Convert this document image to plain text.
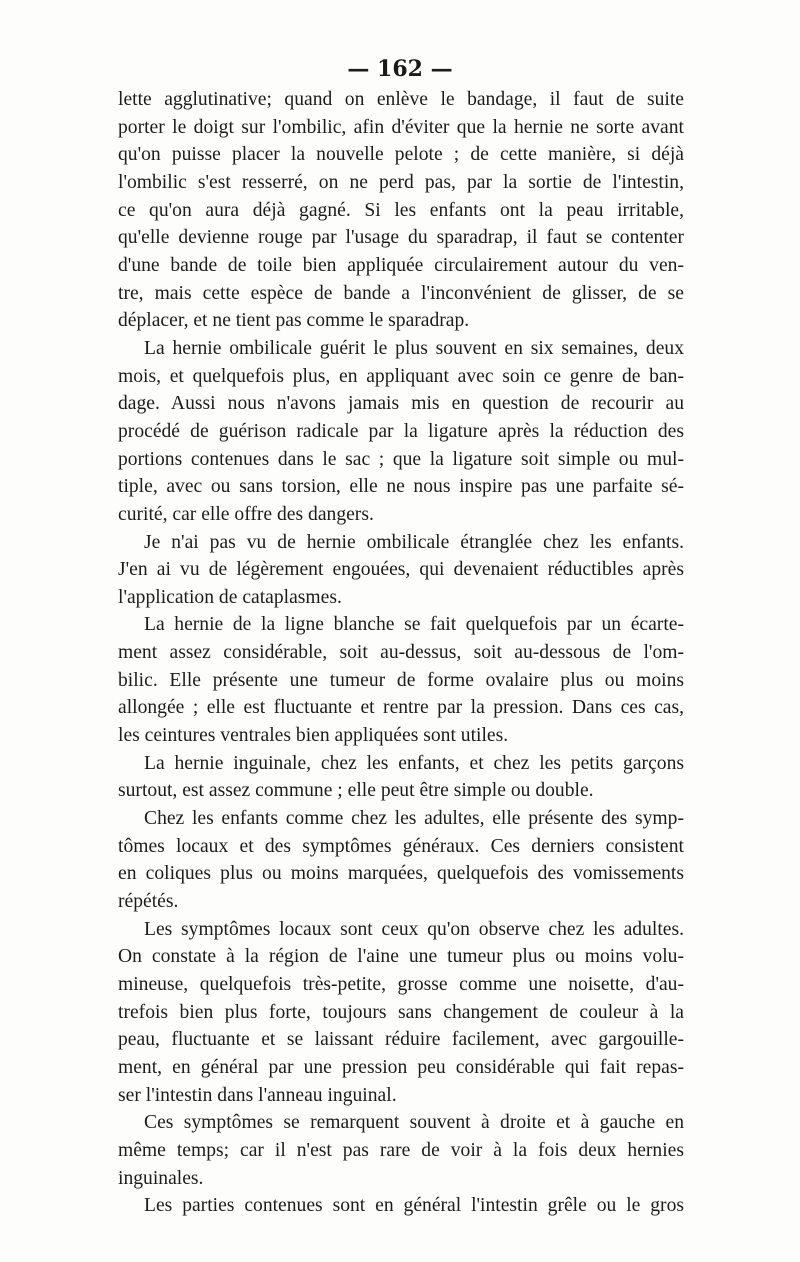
— 162 —
lette agglutinative; quand on enlève le bandage, il faut de suite
porter le doigt sur l'ombilic, afin d'éviter que la hernie ne sorte avant
qu'on puisse placer la nouvelle pelote ; de cette manière, si déjà
l'ombilic s'est resserré, on ne perd pas, par la sortie de l'intestin,
ce qu'on aura déjà gagné. Si les enfants ont la peau irritable,
qu'elle devienne rouge par l'usage du sparadrap, il faut se contenter
d'une bande de toile bien appliquée circulairement autour du ven-
tre, mais cette espèce de bande a l'inconvénient de glisser, de se
déplacer, et ne tient pas comme le sparadrap.
La hernie ombilicale guérit le plus souvent en six semaines, deux
mois, et quelquefois plus, en appliquant avec soin ce genre de ban-
dage. Aussi nous n'avons jamais mis en question de recourir au
procédé de guérison radicale par la ligature après la réduction des
portions contenues dans le sac ; que la ligature soit simple ou mul-
tiple, avec ou sans torsion, elle ne nous inspire pas une parfaite sé-
curité, car elle offre des dangers.
Je n'ai pas vu de hernie ombilicale étranglée chez les enfants.
J'en ai vu de légèrement engouées, qui devenaient réductibles après
l'application de cataplasmes.
La hernie de la ligne blanche se fait quelquefois par un écarte-
ment assez considérable, soit au-dessus, soit au-dessous de l'om-
bilic. Elle présente une tumeur de forme ovalaire plus ou moins
allongée ; elle est fluctuante et rentre par la pression. Dans ces cas,
les ceintures ventrales bien appliquées sont utiles.
La hernie inguinale, chez les enfants, et chez les petits garçons
surtout, est assez commune ; elle peut être simple ou double.
Chez les enfants comme chez les adultes, elle présente des symp-
tômes locaux et des symptômes généraux. Ces derniers consistent
en coliques plus ou moins marquées, quelquefois des vomissements
répétés.
Les symptômes locaux sont ceux qu'on observe chez les adultes.
On constate à la région de l'aine une tumeur plus ou moins volu-
mineuse, quelquefois très-petite, grosse comme une noisette, d'au-
trefois bien plus forte, toujours sans changement de couleur à la
peau, fluctuante et se laissant réduire facilement, avec gargouille-
ment, en général par une pression peu considérable qui fait repas-
ser l'intestin dans l'anneau inguinal.
Ces symptômes se remarquent souvent à droite et à gauche en
même temps; car il n'est pas rare de voir à la fois deux hernies
inguinales.
Les parties contenues sont en général l'intestin grêle ou le gros
